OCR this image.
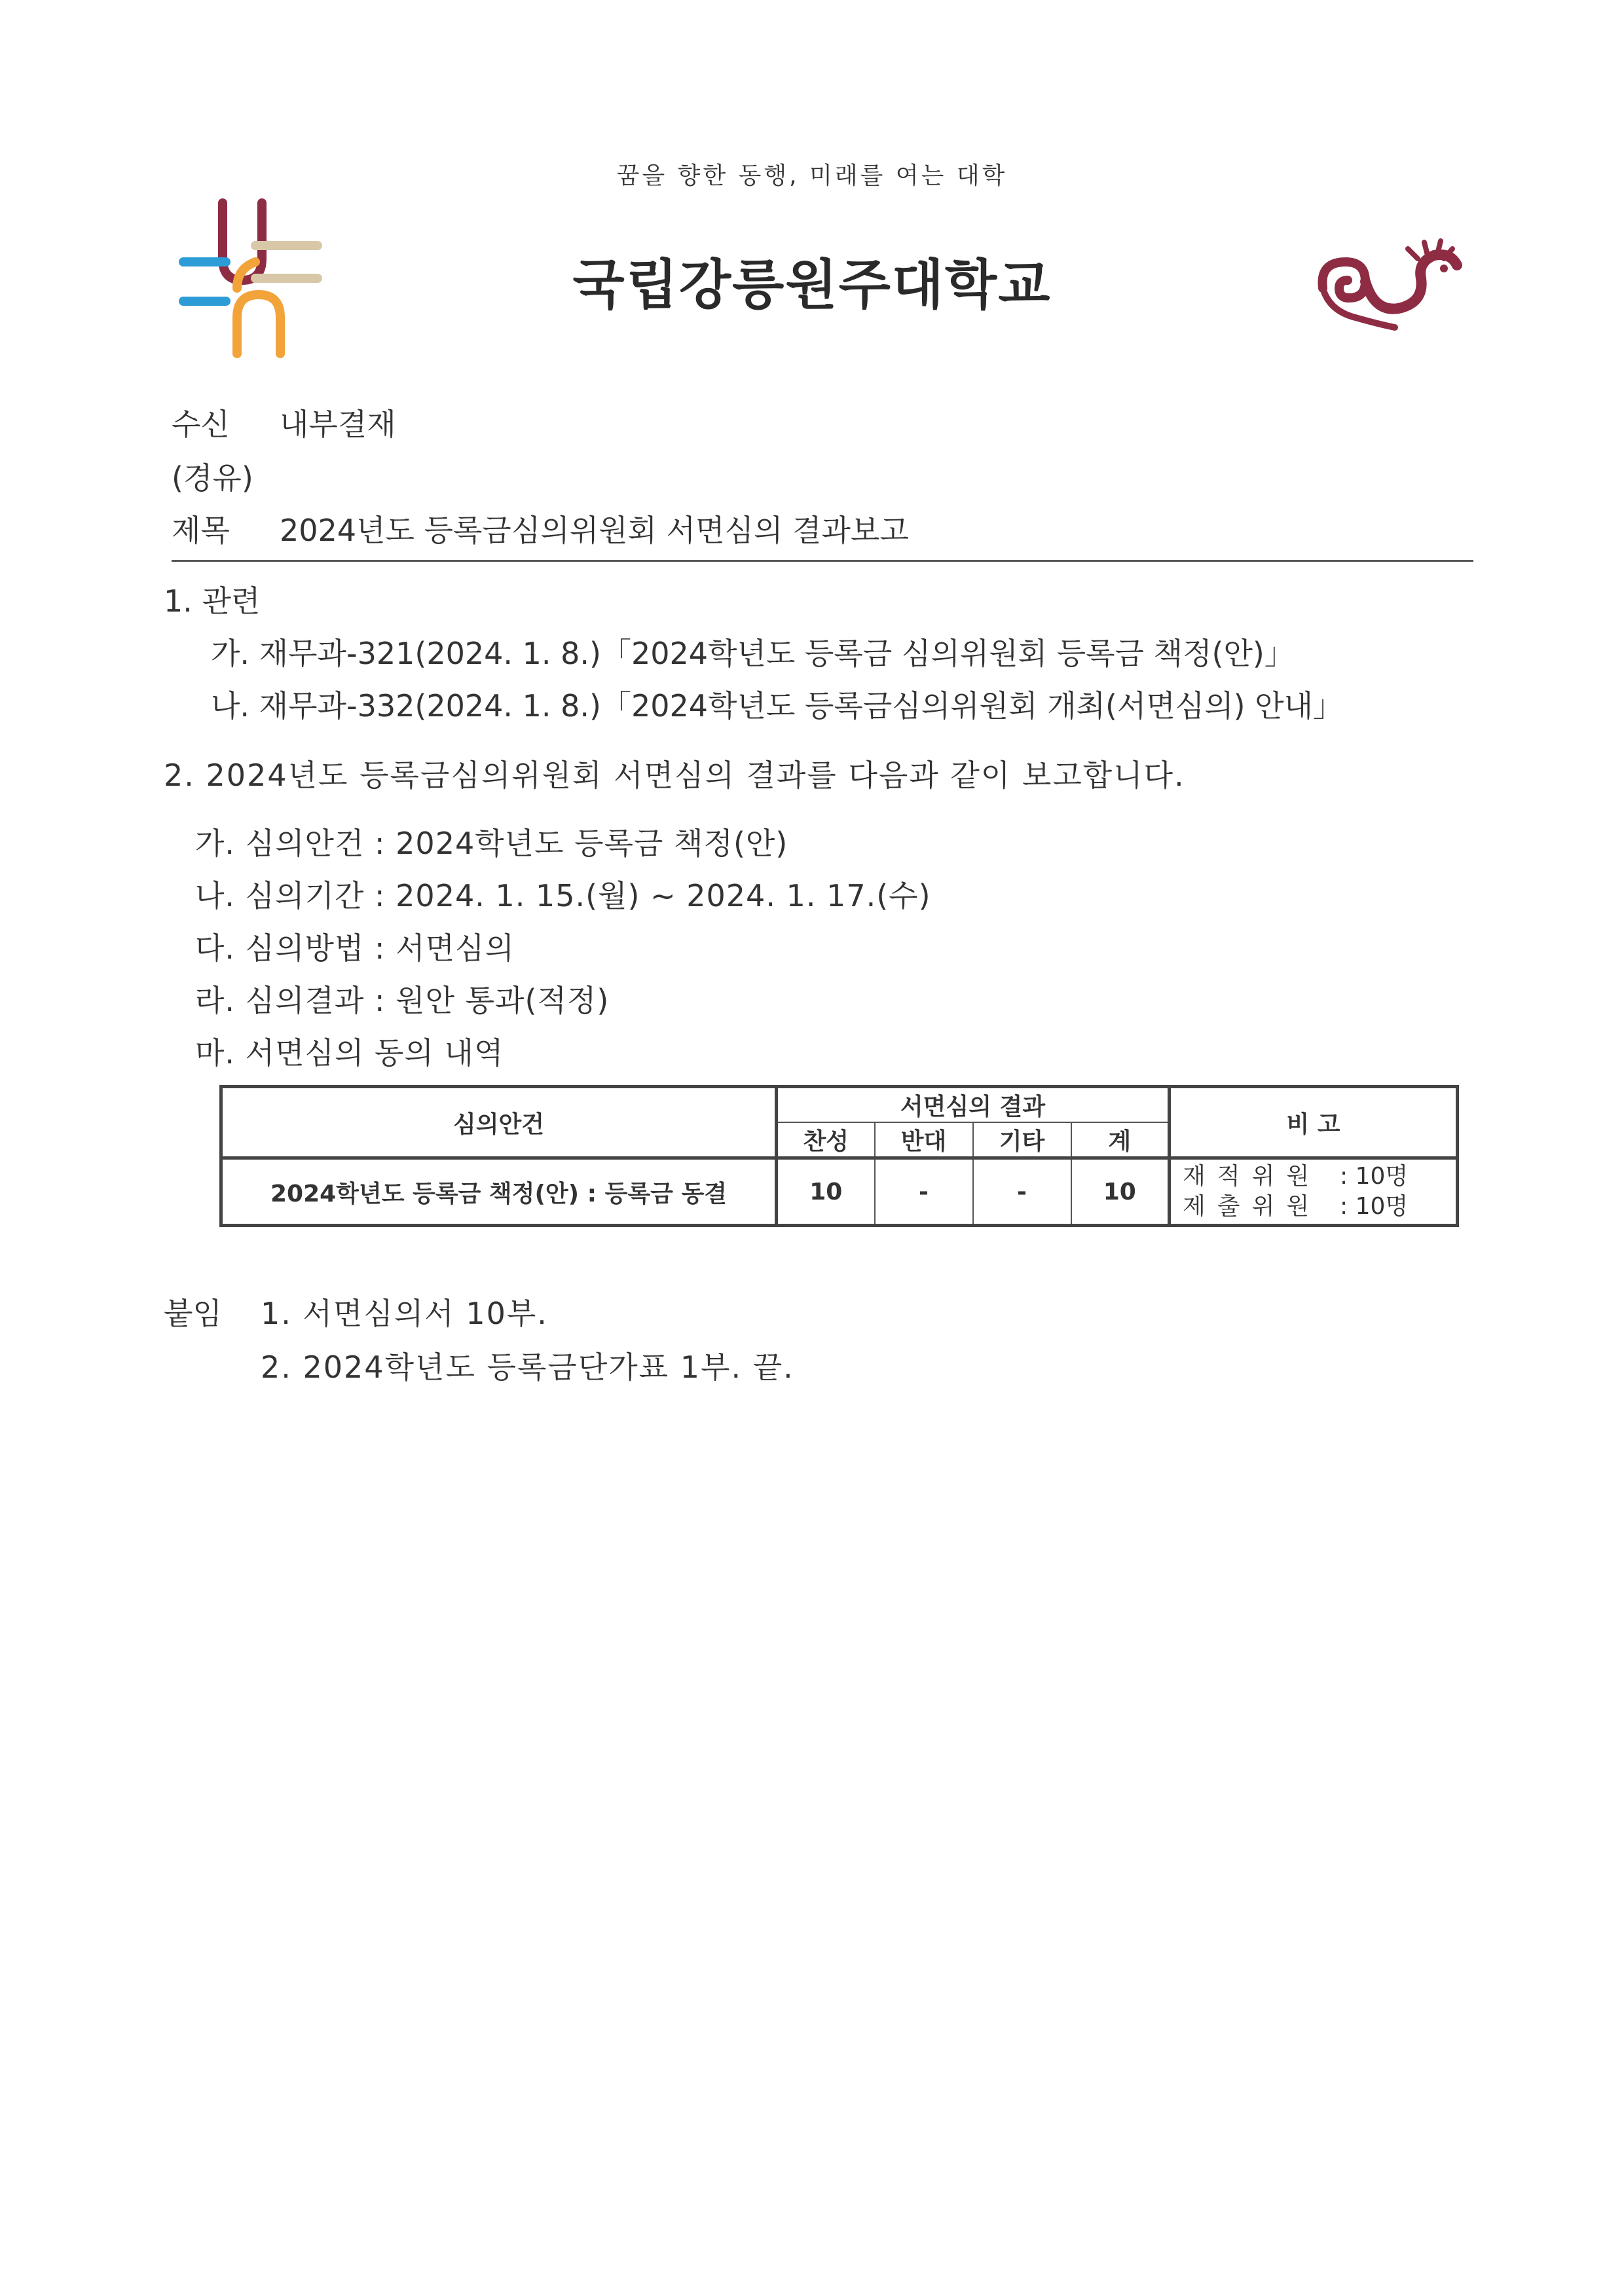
꿈을 향한 동행, 미래를 여는 대학
국립강릉원주대학교
수신 내부결재
(경유)
제목 2024년도 등록금심의위원회 서면심의 결과보고
1. 관련
가. 재무과-321(2024. 1. 8.)「2024학년도 등록금 심의위원회 등록금 책정(안)」
나. 재무과-332(2024. 1. 8.)「2024학년도 등록금심의위원회 개최(서면심의) 안내」
2. 2024년도 등록금심의위원회 서면심의 결과를 다음과 같이 보고합니다.
가. 심의안건 : 2024학년도 등록금 책정(안)
나. 심의기간 : 2024. 1. 15.(월) ~ 2024. 1. 17.(수)
다. 심의방법 : 서면심의
라. 심의결과 : 원안 통과(적정)
마. 서면심의 동의 내역
심의안건	서면심의 결과				비 고
	찬성	반대	기타	계	
2024학년도 등록금 책정(안) : 등록금 동결	10	-	-	10	재적위원 : 10명
제출위원 : 10명
붙임 1. 서면심의서 10부.
2. 2024학년도 등록금단가표 1부. 끝.
